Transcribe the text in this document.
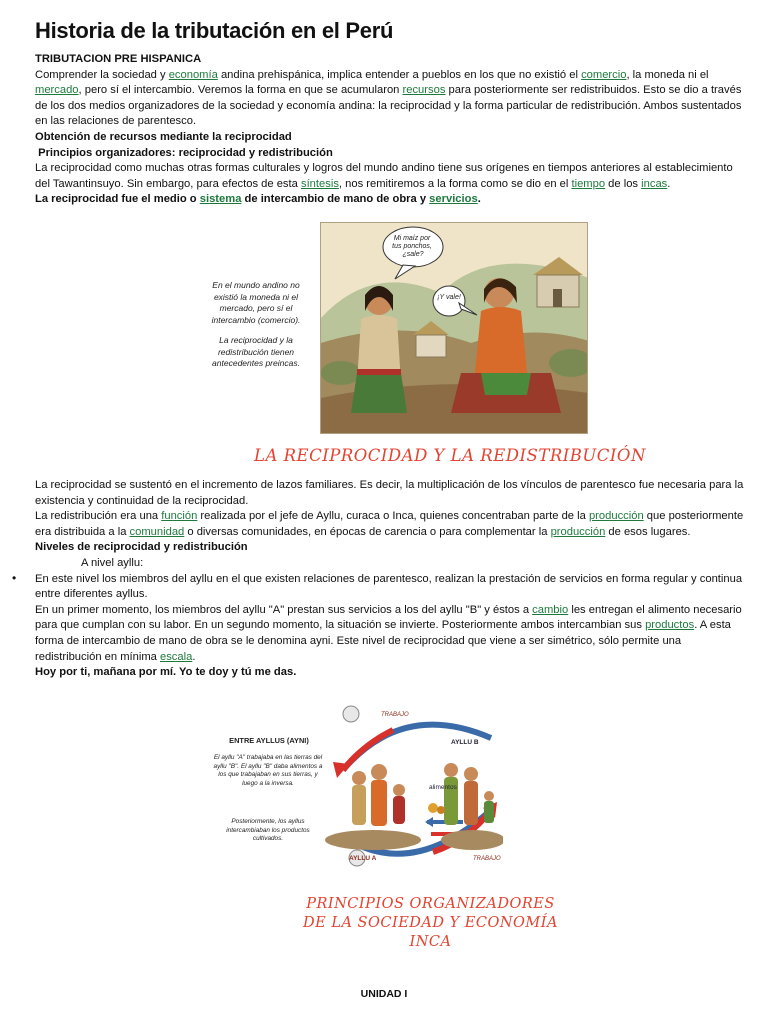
Historia de la tributación en el Perú

TRIBUTACION PRE HISPANICA

Comprender la sociedad y economía andina prehispánica, implica entender a pueblos en los que no existió el comercio, la moneda ni el mercado, pero sí el intercambio. Veremos la forma en que se acumularon recursos para posteriormente ser redistribuidos. Esto se dio a través de los dos medios organizadores de la sociedad y economía andina: la reciprocidad y la forma particular de redistribución. Ambos sustentados en las relaciones de parentesco.

Obtención de recursos mediante la reciprocidad

Principios organizadores: reciprocidad y redistribución

La reciprocidad como muchas otras formas culturales y logros del mundo andino tiene sus orígenes en tiempos anteriores al establecimiento del Tawantinsuyo. Sin embargo, para efectos de esta síntesis, nos remitiremos a la forma como se dio en el tiempo de los incas.

La reciprocidad fue el medio o sistema de intercambio de mano de obra y servicios.

En el mundo andino no existió la moneda ni el mercado, pero sí el intercambio (comercio).

La reciprocidad y la redistribución tienen antecedentes preincas.

Mi maíz por tus ponchos, ¿sale?
¡Y vale!
LA RECIPROCIDAD Y LA REDISTRIBUCIÓN

La reciprocidad se sustentó en el incremento de lazos familiares. Es decir, la multiplicación de los vínculos de parentesco fue necesaria para la existencia y continuidad de la reciprocidad.

La redistribución era una función realizada por el jefe de Ayllu, curaca o Inca, quienes concentraban parte de la producción que posteriormente era distribuida a la comunidad o diversas comunidades, en épocas de carencia o para complementar la producción de esos lugares.

Niveles de reciprocidad y redistribución

A nivel ayllu:

En este nivel los miembros del ayllu en el que existen relaciones de parentesco, realizan la prestación de servicios en forma regular y continua entre diferentes ayllus.

En un primer momento, los miembros del ayllu "A" prestan sus servicios a los del ayllu "B" y éstos a cambio les entregan el alimento necesario para que cumplan con su labor. En un segundo momento, la situación se invierte. Posteriormente ambos intercambian sus productos. A esta forma de intercambio de mano de obra se le denomina ayni. Este nivel de reciprocidad que viene a ser simétrico, sólo permite una redistribución en mínima escala.

Hoy por ti, mañana por mí. Yo te doy y tú me das.

•
ENTRE AYLLUS (AYNI)
El ayllu "A" trabajaba en las tierras del ayllu "B". El ayllu "B" daba alimentos a los que trabajaban en sus tierras, y luego a la inversa.
Posteriormente, los ayllus intercambiaban los productos cultivados.
TRABAJO
AYLLU B
alimentos
AYLLU A	TRABAJO
PRINCIPIOS ORGANIZADORES
DE LA SOCIEDAD Y ECONOMÍA INCA
UNIDAD I
